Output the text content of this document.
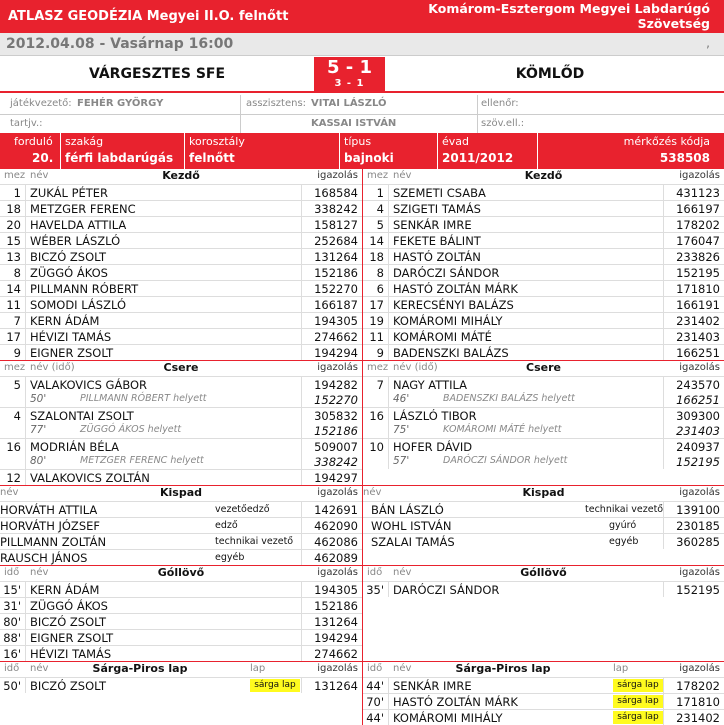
ATLASZ GEODÉZIA Megyei II.O. felnőtt
Komárom-Esztergom Megyei Labdarúgó
Szövetség
2012.04.08 - Vasárnap 16:00	,
VÁRGESZTES SFE	5 - 1
3 - 1
KÖMLŐD
játékvezető: FEHÉR GYÖRGY	asszisztens: VITAI LÁSZLÓ	ellenőr:
tartjv.:	KASSAI ISTVÁN	szöv.ell.:
forduló
20.
szakág
férfi labdarúgás
korosztály
felnőtt
típus
bajnoki
évad
2011/2012
mérkőzés kódja
538508
mez név	Kezdő	igazolás
1 ZUKÁL PÉTER	168584
18 METZGER FERENC	338242
20 HAVELDA ATTILA	158127
15 WÉBER LÁSZLÓ	252684
13 BICZÓ ZSOLT	131264
8 ZÜGGÓ ÁKOS	152186
14 PILLMANN RÓBERT	152270
11 SOMODI LÁSZLÓ	166187
7 KERN ÁDÁM	194305
17 HÉVIZI TAMÁS	274662
9 EIGNER ZSOLT	194294
mez név (idő)	Csere	igazolás
5 VALAKOVICS GÁBOR	194282
50'	PILLMANN RÓBERT helyett	152270
4 SZALONTAI ZSOLT	305832
77'	ZÜGGÓ ÁKOS helyett	152186
16 MODRIÁN BÉLA	509007
80'	METZGER FERENC helyett	338242
12 VALAKOVICS ZOLTÁN	194297
név	Kispad	igazolás
HORVÁTH ATTILA	vezetőedző	142691
HORVÁTH JÓZSEF	edző	462090
PILLMANN ZOLTÁN	technikai vezető 462086
RAUSCH JÁNOS	egyéb	462089
idő név	Góllövő	igazolás
15' KERN ÁDÁM	194305
31' ZÜGGÓ ÁKOS	152186
80' BICZÓ ZSOLT	131264
88' EIGNER ZSOLT	194294
16' HÉVIZI TAMÁS	274662
idő név	Sárga-Piros lap	lap	igazolás
50' BICZÓ ZSOLT	sárga lap	131264
mez név	Kezdő	igazolás
1 SZEMETI CSABA	431123
4 SZIGETI TAMÁS	166197
5 SENKÁR IMRE	178202
14 FEKETE BÁLINT	176047
18 HASTÓ ZOLTÁN	233826
8 DARÓCZI SÁNDOR	152195
6 HASTÓ ZOLTÁN MÁRK	171810
17 KERECSÉNYI BALÁZS	166191
19 KOMÁROMI MIHÁLY	231402
11 KOMÁROMI MÁTÉ	231403
9 BADENSZKI BALÁZS	166251
mez név (idő)	Csere	igazolás
7 NAGY ATTILA	243570
46'	BADENSZKI BALÁZS helyett	166251
16 LÁSZLÓ TIBOR	309300
75'	KOMÁROMI MÁTÉ helyett	231403
10 HOFER DÁVID	240937
57'	DARÓCZI SÁNDOR helyett	152195
név	Kispad	igazolás
BÁN LÁSZLÓ	technikai vezető 139100
WOHL ISTVÁN	gyúró	230185
SZALAI TAMÁS	egyéb	360285
idő név	Góllövő	igazolás
35' DARÓCZI SÁNDOR	152195
idő név	Sárga-Piros lap	lap	igazolás
44' SENKÁR IMRE	sárga lap	178202
70' HASTÓ ZOLTÁN MÁRK	sárga lap	171810
44' KOMÁROMI MIHÁLY	sárga lap	231402
